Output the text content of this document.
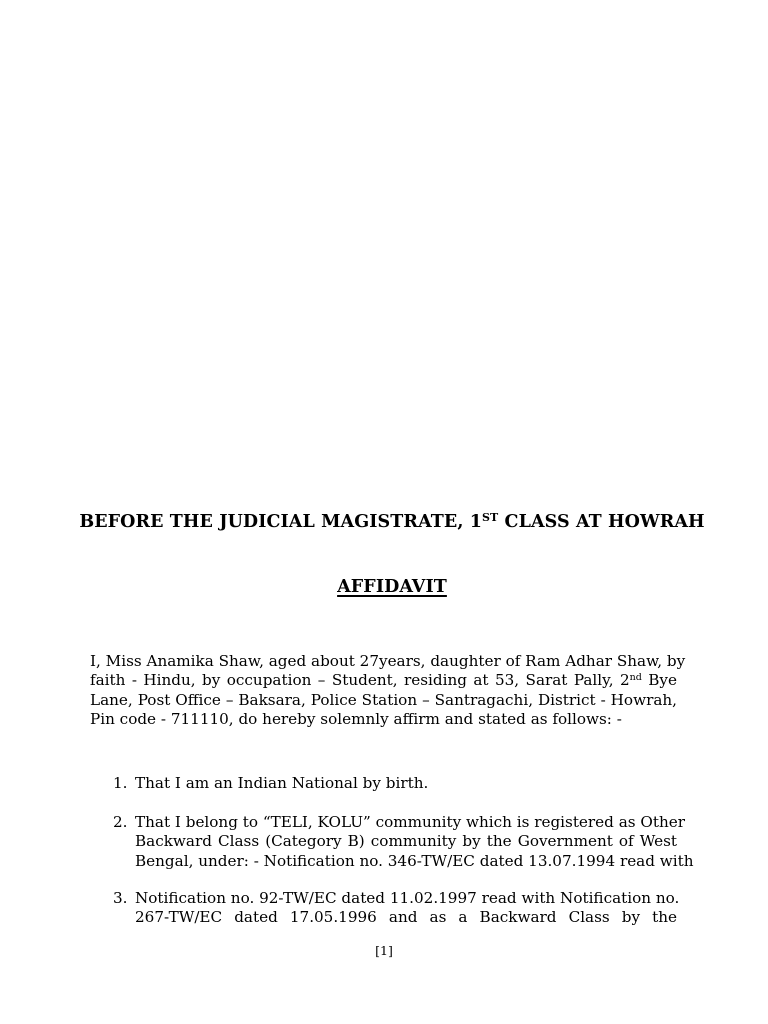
BEFORE THE JUDICIAL MAGISTRATE, 1ST CLASS AT HOWRAH
AFFIDAVIT
I, Miss Anamika Shaw, aged about 27years, daughter of Ram Adhar Shaw, by
faith - Hindu, by occupation – Student, residing at 53, Sarat Pally, 2nd Bye
Lane, Post Office – Baksara, Police Station – Santragachi, District - Howrah,
Pin code - 711110, do hereby solemnly affirm and stated as follows: -
1. That I am an Indian National by birth.
2. That I belong to “TELI, KOLU” community which is registered as Other
Backward Class (Category B) community by the Government of West
Bengal, under: - Notification no. 346-TW/EC dated 13.07.1994 read with
3. Notification no. 92-TW/EC dated 11.02.1997 read with Notification no.
267-TW/EC dated 17.05.1996 and as a Backward Class by the
[1]
